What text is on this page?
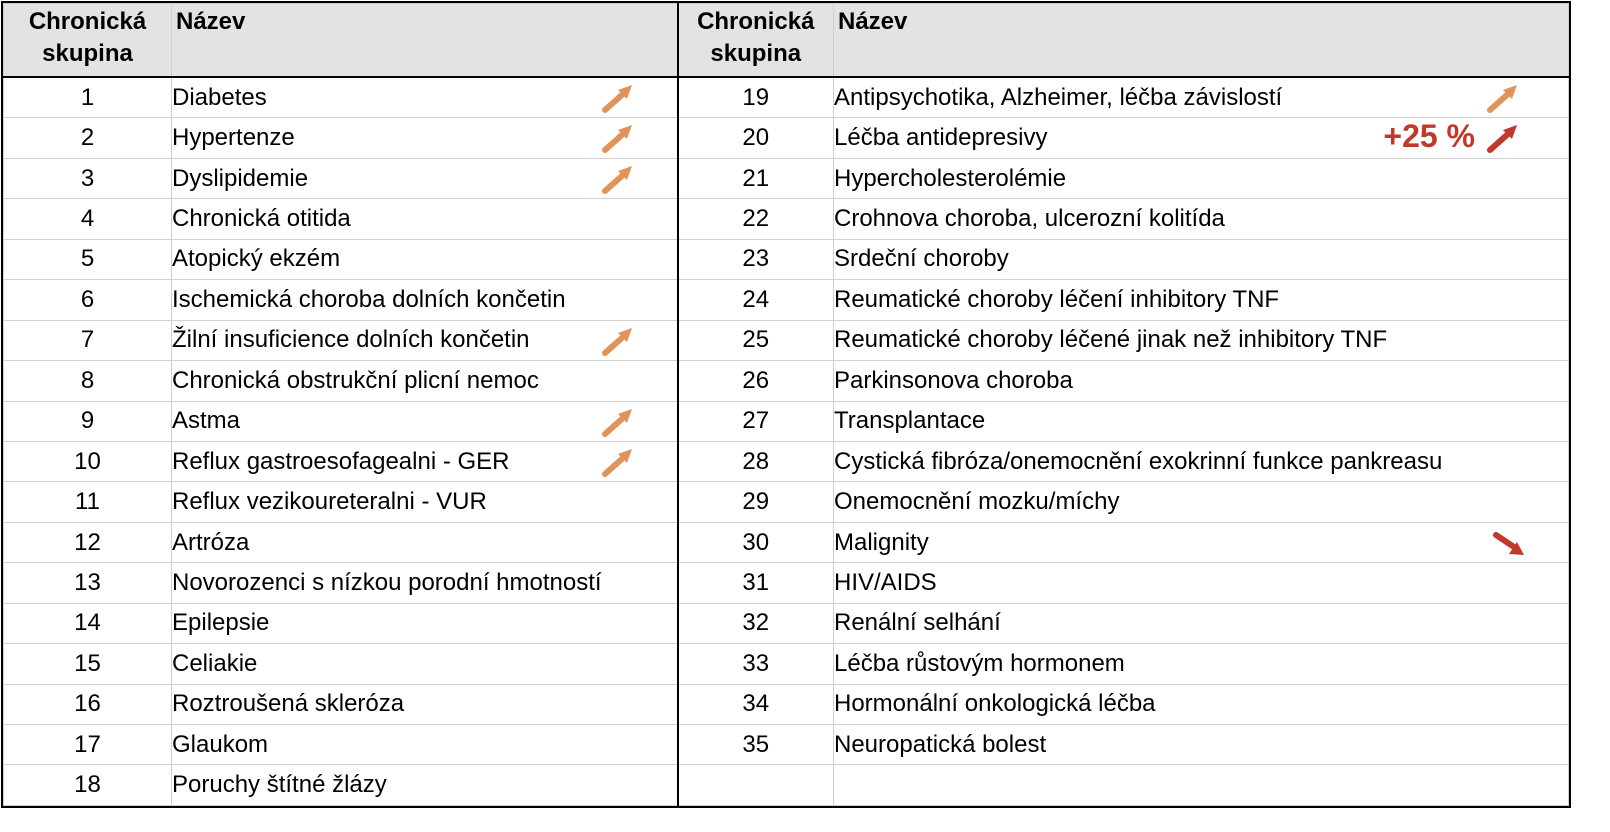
Chronická skupina	Název	Chronická skupina	Název
1	Diabetes	19	Antipsychotika, Alzheimer, léčba závislostí

2	Hypertenze	20	Léčba antidepresivy +25 %

3	Dyslipidemie	21	Hypercholesterolémie
4	Chronická otitida	22	Crohnova choroba, ulcerozní kolitída
5	Atopický ekzém	23	Srdeční choroby
6	Ischemická choroba dolních končetin	24	Reumatické choroby léčení inhibitory TNF
7	Žilní insuficience dolních končetin	25	Reumatické choroby léčené jinak než inhibitory TNF
8	Chronická obstrukční plicní nemoc	26	Parkinsonova choroba
9	Astma	27	Transplantace
10	Reflux gastroesofagealni - GER	28	Cystická fibróza/onemocnění exokrinní funkce pankreasu
11	Reflux vezikoureteralni - VUR	29	Onemocnění mozku/míchy
12	Artróza	30	Malignity

13	Novorozenci s nízkou porodní hmotností	31	HIV/AIDS
14	Epilepsie	32	Renální selhání
15	Celiakie	33	Léčba růstovým hormonem
16	Roztroušená skleróza	34	Hormonální onkologická léčba
17	Glaukom	35	Neuropatická bolest
18	Poruchy štítné žlázy		
